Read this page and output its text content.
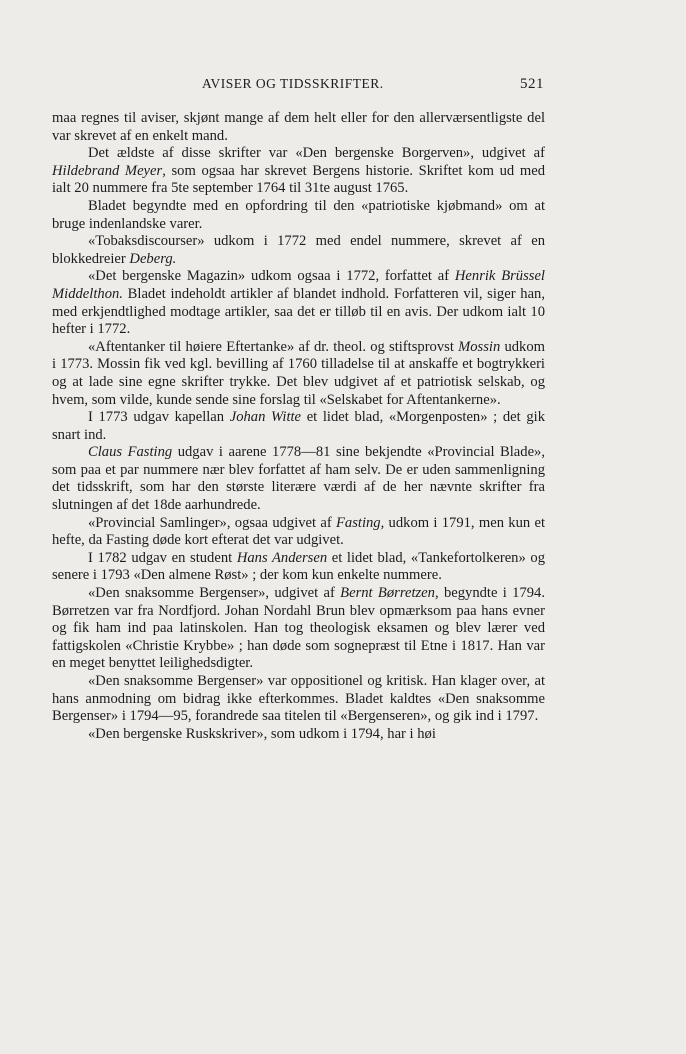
AVISER OG TIDSSKRIFTER.	521

maa regnes til aviser, skjønt mange af dem helt eller for den allerværsentligste del var skrevet af en enkelt mand.

Det ældste af disse skrifter var «Den bergenske Borgerven», udgivet af Hildebrand Meyer, som ogsaa har skrevet Bergens historie. Skriftet kom ud med ialt 20 nummere fra 5te september 1764 til 31te august 1765.

Bladet begyndte med en opfordring til den «patriotiske kjøbmand» om at bruge indenlandske varer.

«Tobaksdiscourser» udkom i 1772 med endel nummere, skrevet af en blokkedreier Deberg.

«Det bergenske Magazin» udkom ogsaa i 1772, forfattet af Henrik Brüssel Middelthon. Bladet indeholdt artikler af blandet indhold. Forfatteren vil, siger han, med erkjendtlighed modtage artikler, saa det er tilløb til en avis. Der udkom ialt 10 hefter i 1772.

«Aftentanker til høiere Eftertanke» af dr. theol. og stiftsprovst Mossin udkom i 1773. Mossin fik ved kgl. bevilling af 1760 tilladelse til at anskaffe et bogtrykkeri og at lade sine egne skrifter trykke. Det blev udgivet af et patriotisk selskab, og hvem, som vilde, kunde sende sine forslag til «Selskabet for Aftentankerne».

I 1773 udgav kapellan Johan Witte et lidet blad, «Morgenposten» ; det gik snart ind.

Claus Fasting udgav i aarene 1778—81 sine bekjendte «Provincial Blade», som paa et par nummere nær blev forfattet af ham selv. De er uden sammenligning det tidsskrift, som har den største literære værdi af de her nævnte skrifter fra slutningen af det 18de aarhundrede.

«Provincial Samlinger», ogsaa udgivet af Fasting, udkom i 1791, men kun et hefte, da Fasting døde kort efterat det var udgivet.

I 1782 udgav en student Hans Andersen et lidet blad, «Tankefortolkeren» og senere i 1793 «Den almene Røst» ; der kom kun enkelte nummere.

«Den snaksomme Bergenser», udgivet af Bernt Børretzen, begyndte i 1794. Børretzen var fra Nordfjord. Johan Nordahl Brun blev opmærksom paa hans evner og fik ham ind paa latinskolen. Han tog theologisk eksamen og blev lærer ved fattigskolen «Christie Krybbe» ; han døde som sognepræst til Etne i 1817. Han var en meget benyttet leilighedsdigter.

«Den snaksomme Bergenser» var oppositionel og kritisk. Han klager over, at hans anmodning om bidrag ikke efterkommes. Bladet kaldtes «Den snaksomme Bergenser» i 1794—95, forandrede saa titelen til «Bergenseren», og gik ind i 1797.

«Den bergenske Ruskskriver», som udkom i 1794, har i høi
